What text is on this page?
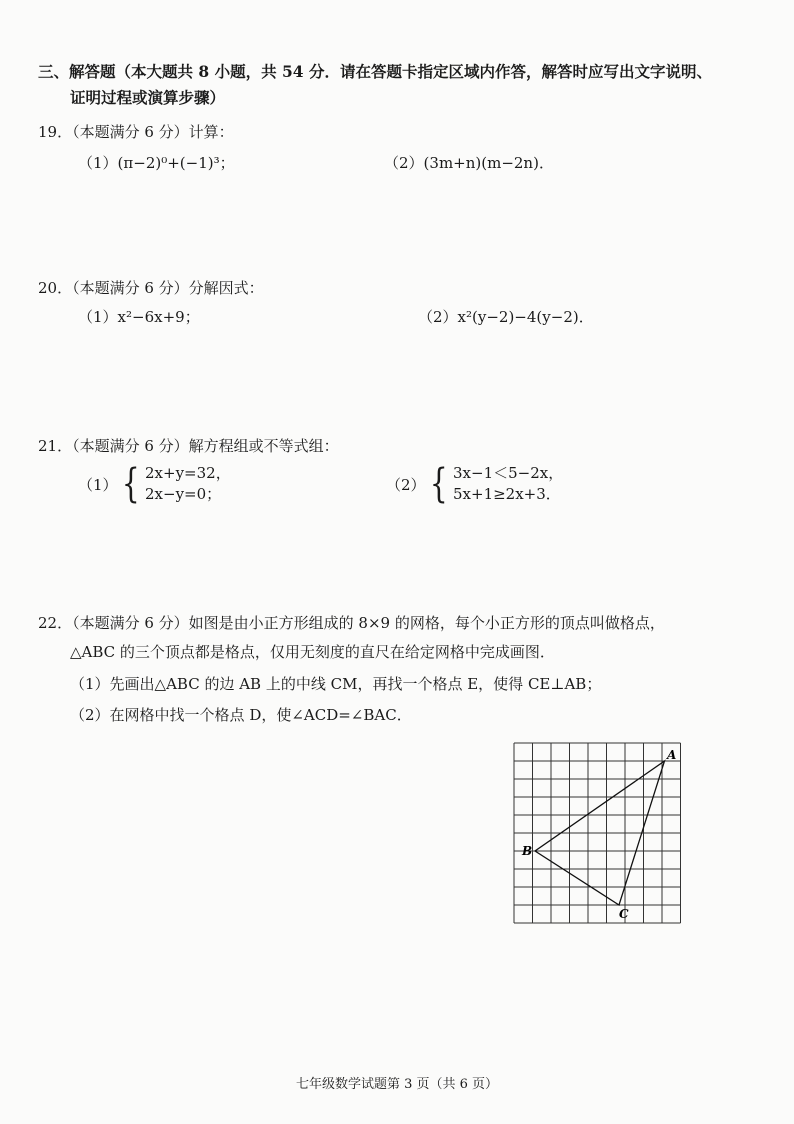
三、解答题（本大题共 8 小题，共 54 分．请在答题卡指定区域内作答，解答时应写出文字说明、
证明过程或演算步骤）
19．（本题满分 6 分）计算：
（1）(π−2)⁰+(−1)³；	（2）(3m+n)(m−2n)．
20．（本题满分 6 分）分解因式：
（1）x²−6x+9；	（2）x²(y−2)−4(y−2)．
21．（本题满分 6 分）解方程组或不等式组：
（1） { 2x+y=32，
2x−y=0；
（2） { 3x−1＜5−2x，
5x+1≥2x+3．
22．（本题满分 6 分）如图是由小正方形组成的 8×9 的网格，每个小正方形的顶点叫做格点，
△ABC 的三个顶点都是格点，仅用无刻度的直尺在给定网格中完成画图．
（1）先画出△ABC 的边 AB 上的中线 CM，再找一个格点 E，使得 CE⊥AB；
（2）在网格中找一个格点 D，使∠ACD=∠BAC．
A
B
C
七年级数学试题第 3 页（共 6 页）
